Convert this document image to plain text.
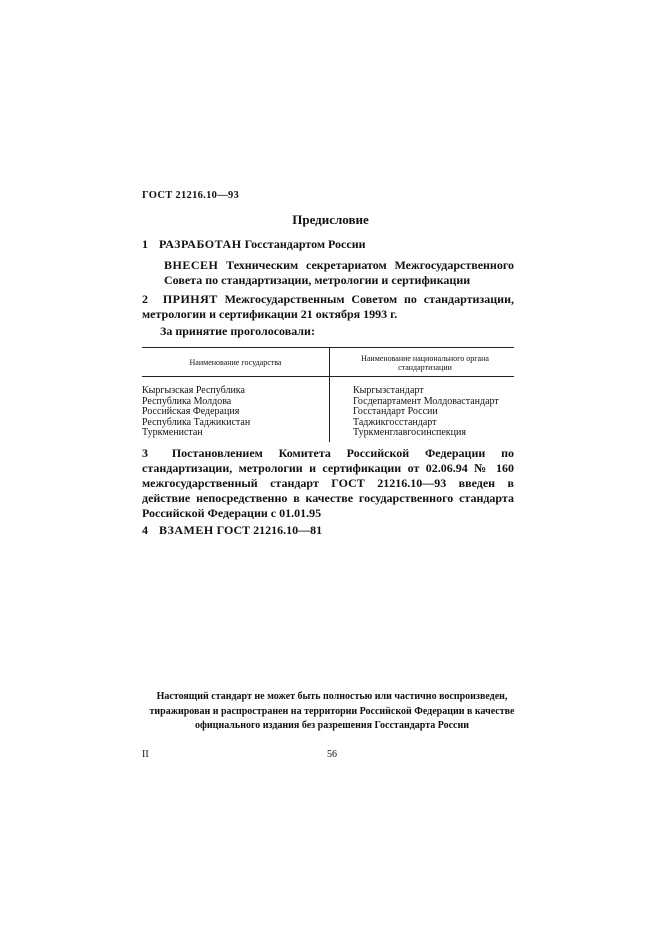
ГОСТ 21216.10—93
Предисловие
1 РАЗРАБОТАН Госстандартом России
ВНЕСЕН Техническим секретариатом Межгосударственного Совета по стандартизации, метрологии и сертификации
2 ПРИНЯТ Межгосударственным Советом по стандартизации, метрологии и сертификации 21 октября 1993 г.
За принятие проголосовали:
Наименование государства	Наименование национального органа стандартизации
Кыргызская Республика
Республика Молдова
Российская Федерация
Республика Таджикистан
Туркменистан
Кыргызстандарт
Госдепартамент Молдовастандарт
Госстандарт России
Таджикгосстандарт
Туркменглавгосинспекция
3 Постановлением Комитета Российской Федерации по стандартизации, метрологии и сертификации от 02.06.94 № 160 межгосударственный стандарт ГОСТ 21216.10—93 введен в действие непосредственно в качестве государственного стандарта Российской Федерации с 01.01.95
4 ВЗАМЕН ГОСТ 21216.10—81
Настоящий стандарт не может быть полностью или частично воспроизведен,
тиражирован и распространен на территории Российской Федерации в качестве
официального издания без разрешения Госстандарта России
II	56
